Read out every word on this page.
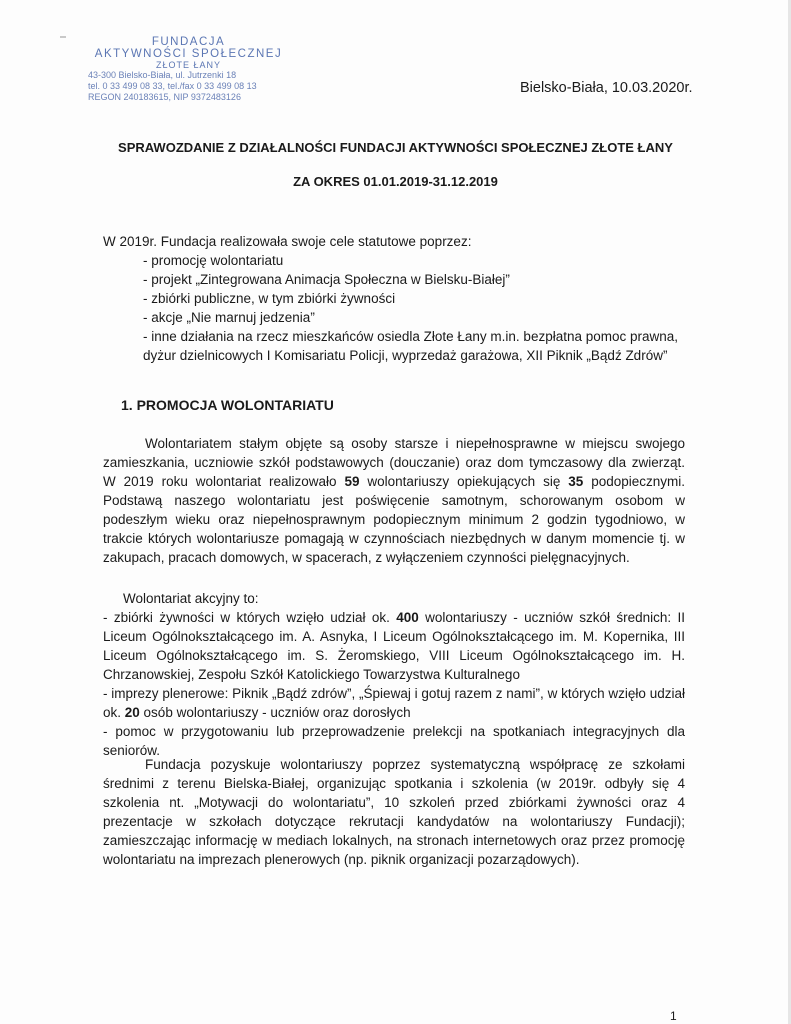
FUNDACJA
AKTYWNOŚCI SPOŁECZNEJ
ZŁOTE ŁANY
43-300 Bielsko-Biała, ul. Jutrzenki 18
tel. 0 33 499 08 33, tel./fax 0 33 499 08 13
REGON 240183615, NIP 9372483126
Bielsko-Biała, 10.03.2020r.
SPRAWOZDANIE Z DZIAŁALNOŚCI FUNDACJI AKTYWNOŚCI SPOŁECZNEJ ZŁOTE ŁANY
ZA OKRES 01.01.2019-31.12.2019
W 2019r. Fundacja realizowała swoje cele statutowe poprzez:
- promocję wolontariatu
- projekt „Zintegrowana Animacja Społeczna w Bielsku-Białej”
- zbiórki publiczne, w tym zbiórki żywności
- akcje „Nie marnuj jedzenia”
- inne działania na rzecz mieszkańców osiedla Złote Łany m.in. bezpłatna pomoc prawna, dyżur dzielnicowych I Komisariatu Policji, wyprzedaż garażowa, XII Piknik „Bądź Zdrów”
1. PROMOCJA WOLONTARIATU
Wolontariatem stałym objęte są osoby starsze i niepełnosprawne w miejscu swojego zamieszkania, uczniowie szkół podstawowych (douczanie) oraz dom tymczasowy dla zwierząt. W 2019 roku wolontariat realizowało 59 wolontariuszy opiekujących się 35 podopiecznymi. Podstawą naszego wolontariatu jest poświęcenie samotnym, schorowanym osobom w podeszłym wieku oraz niepełnosprawnym podopiecznym minimum 2 godzin tygodniowo, w trakcie których wolontariusze pomagają w czynnościach niezbędnych w danym momencie tj. w zakupach, pracach domowych, w spacerach, z wyłączeniem czynności pielęgnacyjnych.
Wolontariat akcyjny to:
- zbiórki żywności w których wzięło udział ok. 400 wolontariuszy - uczniów szkół średnich: II Liceum Ogólnokształcącego im. A. Asnyka, I Liceum Ogólnokształcącego im. M. Kopernika, III Liceum Ogólnokształcącego im. S. Żeromskiego, VIII Liceum Ogólnokształcącego im. H. Chrzanowskiej, Zespołu Szkół Katolickiego Towarzystwa Kulturalnego
- imprezy plenerowe: Piknik „Bądź zdrów”, „Śpiewaj i gotuj razem z nami”, w których wzięło udział ok. 20 osób wolontariuszy - uczniów oraz dorosłych
- pomoc w przygotowaniu lub przeprowadzenie prelekcji na spotkaniach integracyjnych dla seniorów.
Fundacja pozyskuje wolontariuszy poprzez systematyczną współpracę ze szkołami średnimi z terenu Bielska-Białej, organizując spotkania i szkolenia (w 2019r. odbyły się 4 szkolenia nt. „Motywacji do wolontariatu”, 10 szkoleń przed zbiórkami żywności oraz 4 prezentacje w szkołach dotyczące rekrutacji kandydatów na wolontariuszy Fundacji); zamieszczając informację w mediach lokalnych, na stronach internetowych oraz przez promocję wolontariatu na imprezach plenerowych (np. piknik organizacji pozarządowych).
1
